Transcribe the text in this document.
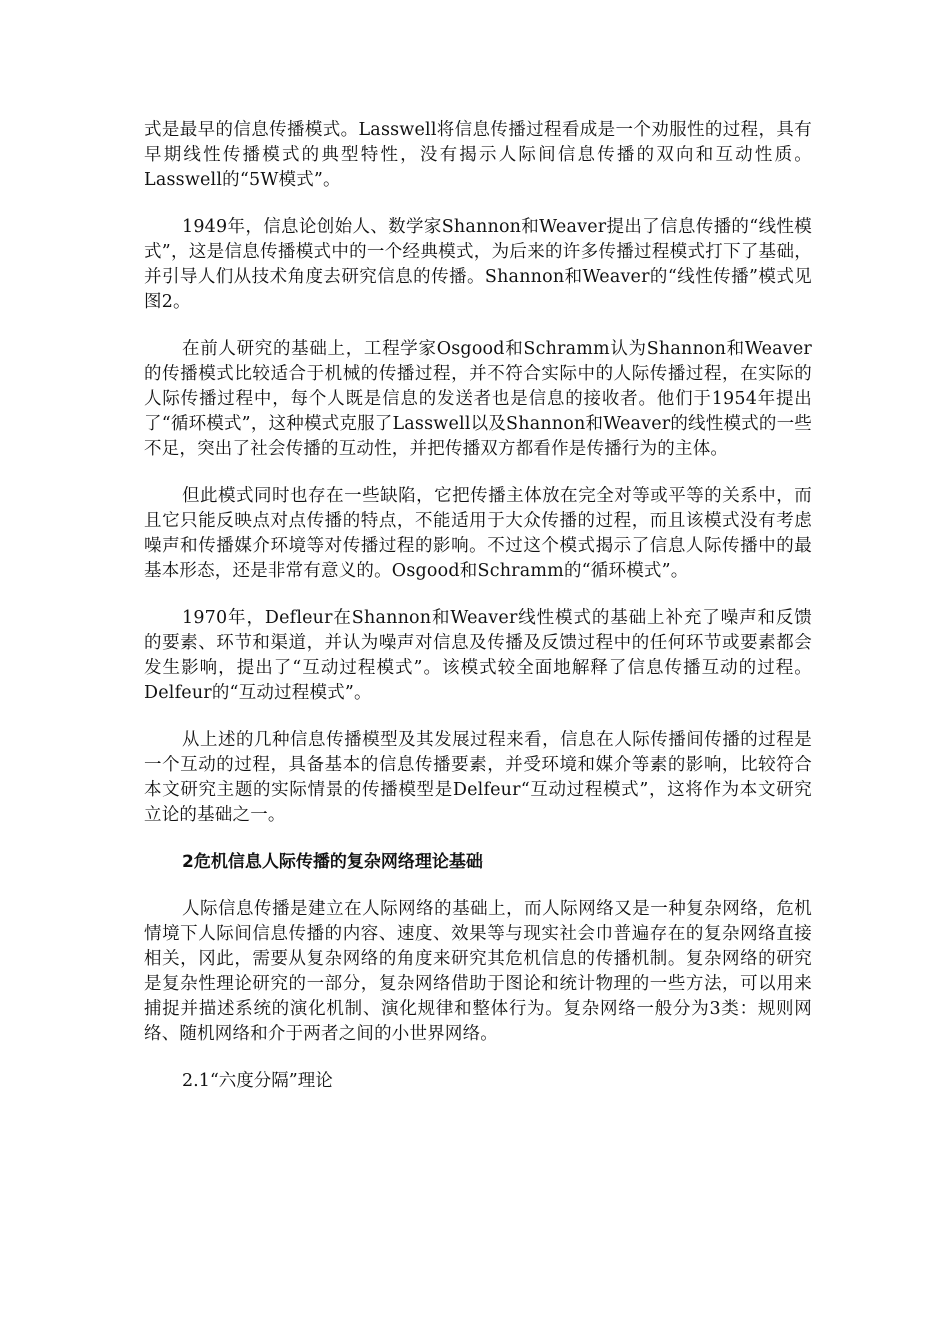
式是最早的信息传播模式。Lasswell将信息传播过程看成是一个劝服性的过程，具有早期线性传播模式的典型特性，没有揭示人际间信息传播的双向和互动性质。Lasswell的“5W模式”。

1949年，信息论创始人、数学家Shannon和Weaver提出了信息传播的“线性模式”，这是信息传播模式中的一个经典模式，为后来的许多传播过程模式打下了基础，并引导人们从技术角度去研究信息的传播。Shannon和Weaver的“线性传播”模式见图2。

在前人研究的基础上，工程学家Osgood和Schramm认为Shannon和Weaver的传播模式比较适合于机械的传播过程，并不符合实际中的人际传播过程，在实际的人际传播过程中，每个人既是信息的发送者也是信息的接收者。他们于1954年提出了“循环模式”，这种模式克服了Lasswell以及Shannon和Weaver的线性模式的一些不足，突出了社会传播的互动性，并把传播双方都看作是传播行为的主体。

但此模式同时也存在一些缺陷，它把传播主体放在完全对等或平等的关系中，而且它只能反映点对点传播的特点，不能适用于大众传播的过程，而且该模式没有考虑噪声和传播媒介环境等对传播过程的影响。不过这个模式揭示了信息人际传播中的最基本形态，还是非常有意义的。Osgood和Schramm的“循环模式”。

1970年，Defleur在Shannon和Weaver线性模式的基础上补充了噪声和反馈的要素、环节和渠道，并认为噪声对信息及传播及反馈过程中的任何环节或要素都会发生影响，提出了“互动过程模式”。该模式较全面地解释了信息传播互动的过程。Delfeur的“互动过程模式”。

从上述的几种信息传播模型及其发展过程来看，信息在人际传播间传播的过程是一个互动的过程，具备基本的信息传播要素，并受环境和媒介等素的影响，比较符合本文研究主题的实际情景的传播模型是Delfeur“互动过程模式”，这将作为本文研究立论的基础之一。

2危机信息人际传播的复杂网络理论基础

人际信息传播是建立在人际网络的基础上，而人际网络又是一种复杂网络，危机情境下人际间信息传播的内容、速度、效果等与现实社会巾普遍存在的复杂网络直接相关，冈此，需要从复杂网络的角度来研究其危机信息的传播机制。复杂网络的研究是复杂性理论研究的一部分，复杂网络借助于图论和统计物理的一些方法，可以用来捕捉并描述系统的演化机制、演化规律和整体行为。复杂网络一般分为3类：规则网络、随机网络和介于两者之间的小世界网络。

2.1“六度分隔”理论
